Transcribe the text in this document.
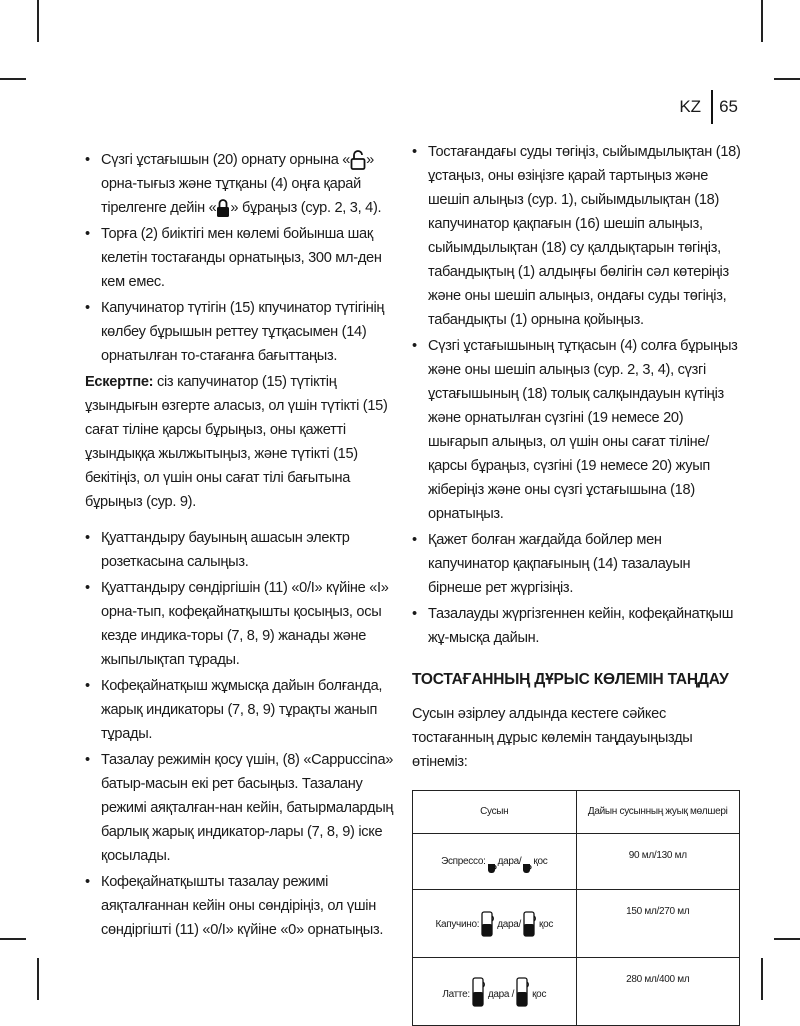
KZ 65
• Сүзгі ұстағышын (20) орнату орнына « » орна-тығыз және тұтқаны (4) оңға қарай тірелгенге дейін « » бұраңыз (сур. 2, 3, 4).
• Торға (2) биіктігі мен көлемі бойынша шақ келетін тостағанды орнатыңыз, 300 мл-ден кем емес.
• Капучинатор түтігін (15) кпучинатор түтігінің көлбеу бұрышын реттеу тұтқасымен (14) орнатылған то-стағанға бағыттаңыз.
Ескертпе: сіз капучинатор (15) түтіктің ұзындығын өзгерте аласыз, ол үшін түтікті (15) сағат тіліне қарсы бұрыңыз, оны қажетті ұзындыққа жылжытыңыз, және түтікті (15) бекітіңіз, ол үшін оны сағат тілі бағытына бұрыңыз (сур. 9).
• Қуаттандыру бауының ашасын электр розеткасына салыңыз.
• Қуаттандыру сөндіргішін (11) «0/I» күйіне «I» орна-тып, кофеқайнатқышты қосыңыз, осы кезде индика-торы (7, 8, 9) жанады және жыпылықтап тұрады.
• Кофеқайнатқыш жұмысқа дайын болғанда, жарық индикаторы (7, 8, 9) тұрақты жанып тұрады.
• Тазалау режимін қосу үшін, (8) «Cappuccina» батыр-масын екі рет басыңыз. Тазалану режимі аяқталған-нан кейін, батырмалардың барлық жарық индикатор-лары (7, 8, 9) іске қосылады.
• Кофеқайнатқышты тазалау режимі аяқталғаннан кейін оны сөндіріңіз, ол үшін сөндіргішті (11) «0/I» күйіне «0» орнатыңыз.
• Тостағандағы суды төгіңіз, сыйымдылықтан (18) ұстаңыз, оны өзіңізге қарай тартыңыз және шешіп алыңыз (сур. 1), сыйымдылықтан (18) капучинатор қақпағын (16) шешіп алыңыз, сыйымдылықтан (18) су қалдықтарын төгіңіз, табандықтың (1) алдыңғы бөлігін сәл көтеріңіз және оны шешіп алыңыз, ондағы суды төгіңіз, табандықты (1) орнына қойыңыз.
• Сүзгі ұстағышының тұтқасын (4) солға бұрыңыз және оны шешіп алыңыз (сур. 2, 3, 4), сүзгі ұстағышының (18) толық салқындауын күтіңіз және орнатылған сүзгіні (19 немесе 20) шығарып алыңыз, ол үшін оны сағат тіліне/қарсы бұраңыз, сүзгіні (19 немесе 20) жуып жіберіңіз және оны сүзгі ұстағышына (18) орнатыңыз.
• Қажет болған жағдайда бойлер мен капучинатор қақпағының (14) тазалауын бірнеше рет жүргізіңіз.
• Тазалауды жүргізгеннен кейін, кофеқайнатқыш жұ-мысқа дайын.
ТОСТАҒАННЫҢ ДҰРЫС КӨЛЕМІН ТАҢДАУ

Сусын әзірлеу алдында кестеге сәйкес тостағанның дұрыс көлемін таңдауыңызды өтінеміз:

Сусын	Дайын сусынның жуық мөлшері

Эспрессо: дара/ қос	90 мл/130 мл

Капучино: дара/ қос	150 мл/270 мл

Латте: дара / қос	280 мл/400 мл
